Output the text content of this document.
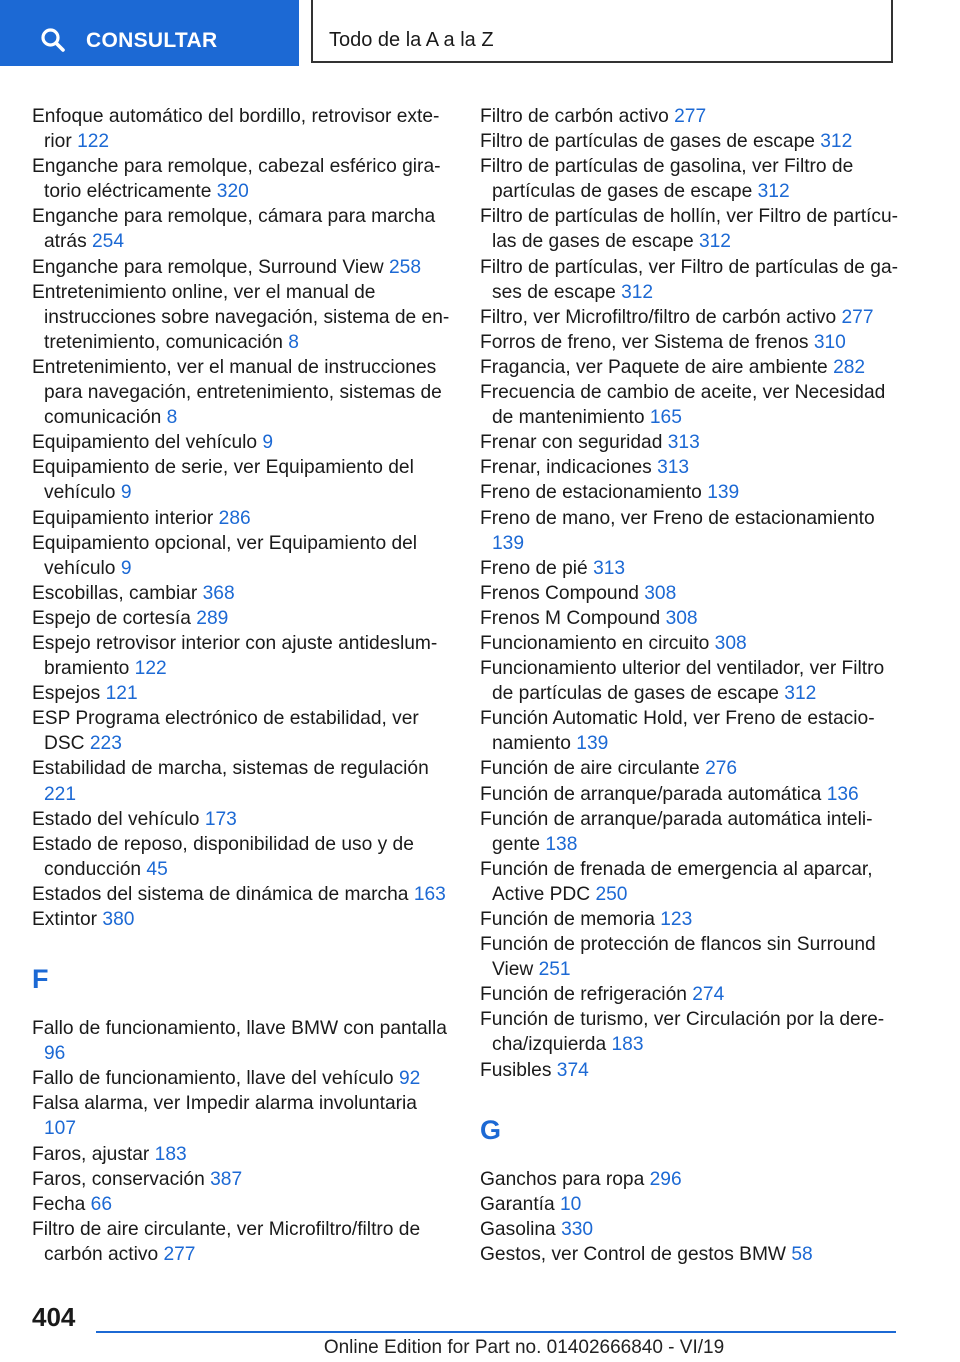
CONSULTAR	Todo de la A a la Z
Enfoque automático del bordillo, retrovisor exterior 122
Enganche para remolque, cabezal esférico giratorio eléctricamente 320
Enganche para remolque, cámara para marcha atrás 254
Enganche para remolque, Surround View 258
Entretenimiento online, ver el manual de instrucciones sobre navegación, sistema de entretenimiento, comunicación 8
Entretenimiento, ver el manual de instrucciones para navegación, entretenimiento, sistemas de comunicación 8
Equipamiento del vehículo 9
Equipamiento de serie, ver Equipamiento del vehículo 9
Equipamiento interior 286
Equipamiento opcional, ver Equipamiento del vehículo 9
Escobillas, cambiar 368
Espejo de cortesía 289
Espejo retrovisor interior con ajuste antideslumbramiento 122
Espejos 121
ESP Programa electrónico de estabilidad, ver DSC 223
Estabilidad de marcha, sistemas de regulación 221
Estado del vehículo 173
Estado de reposo, disponibilidad de uso y de conducción 45
Estados del sistema de dinámica de marcha 163
Extintor 380
F
Fallo de funcionamiento, llave BMW con pantalla 96
Fallo de funcionamiento, llave del vehículo 92
Falsa alarma, ver Impedir alarma involuntaria 107
Faros, ajustar 183
Faros, conservación 387
Fecha 66
Filtro de aire circulante, ver Microfiltro/filtro de carbón activo 277
Filtro de carbón activo 277
Filtro de partículas de gases de escape 312
Filtro de partículas de gasolina, ver Filtro de partículas de gases de escape 312
Filtro de partículas de hollín, ver Filtro de partículas de gases de escape 312
Filtro de partículas, ver Filtro de partículas de gases de escape 312
Filtro, ver Microfiltro/filtro de carbón activo 277
Forros de freno, ver Sistema de frenos 310
Fragancia, ver Paquete de aire ambiente 282
Frecuencia de cambio de aceite, ver Necesidad de mantenimiento 165
Frenar con seguridad 313
Frenar, indicaciones 313
Freno de estacionamiento 139
Freno de mano, ver Freno de estacionamiento 139
Freno de pié 313
Frenos Compound 308
Frenos M Compound 308
Funcionamiento en circuito 308
Funcionamiento ulterior del ventilador, ver Filtro de partículas de gases de escape 312
Función Automatic Hold, ver Freno de estacionamiento 139
Función de aire circulante 276
Función de arranque/parada automática 136
Función de arranque/parada automática inteligente 138
Función de frenada de emergencia al aparcar, Active PDC 250
Función de memoria 123
Función de protección de flancos sin Surround View 251
Función de refrigeración 274
Función de turismo, ver Circulación por la derecha/izquierda 183
Fusibles 374
G
Ganchos para ropa 296
Garantía 10
Gasolina 330
Gestos, ver Control de gestos BMW 58
404
Online Edition for Part no. 01402666840 - VI/19
